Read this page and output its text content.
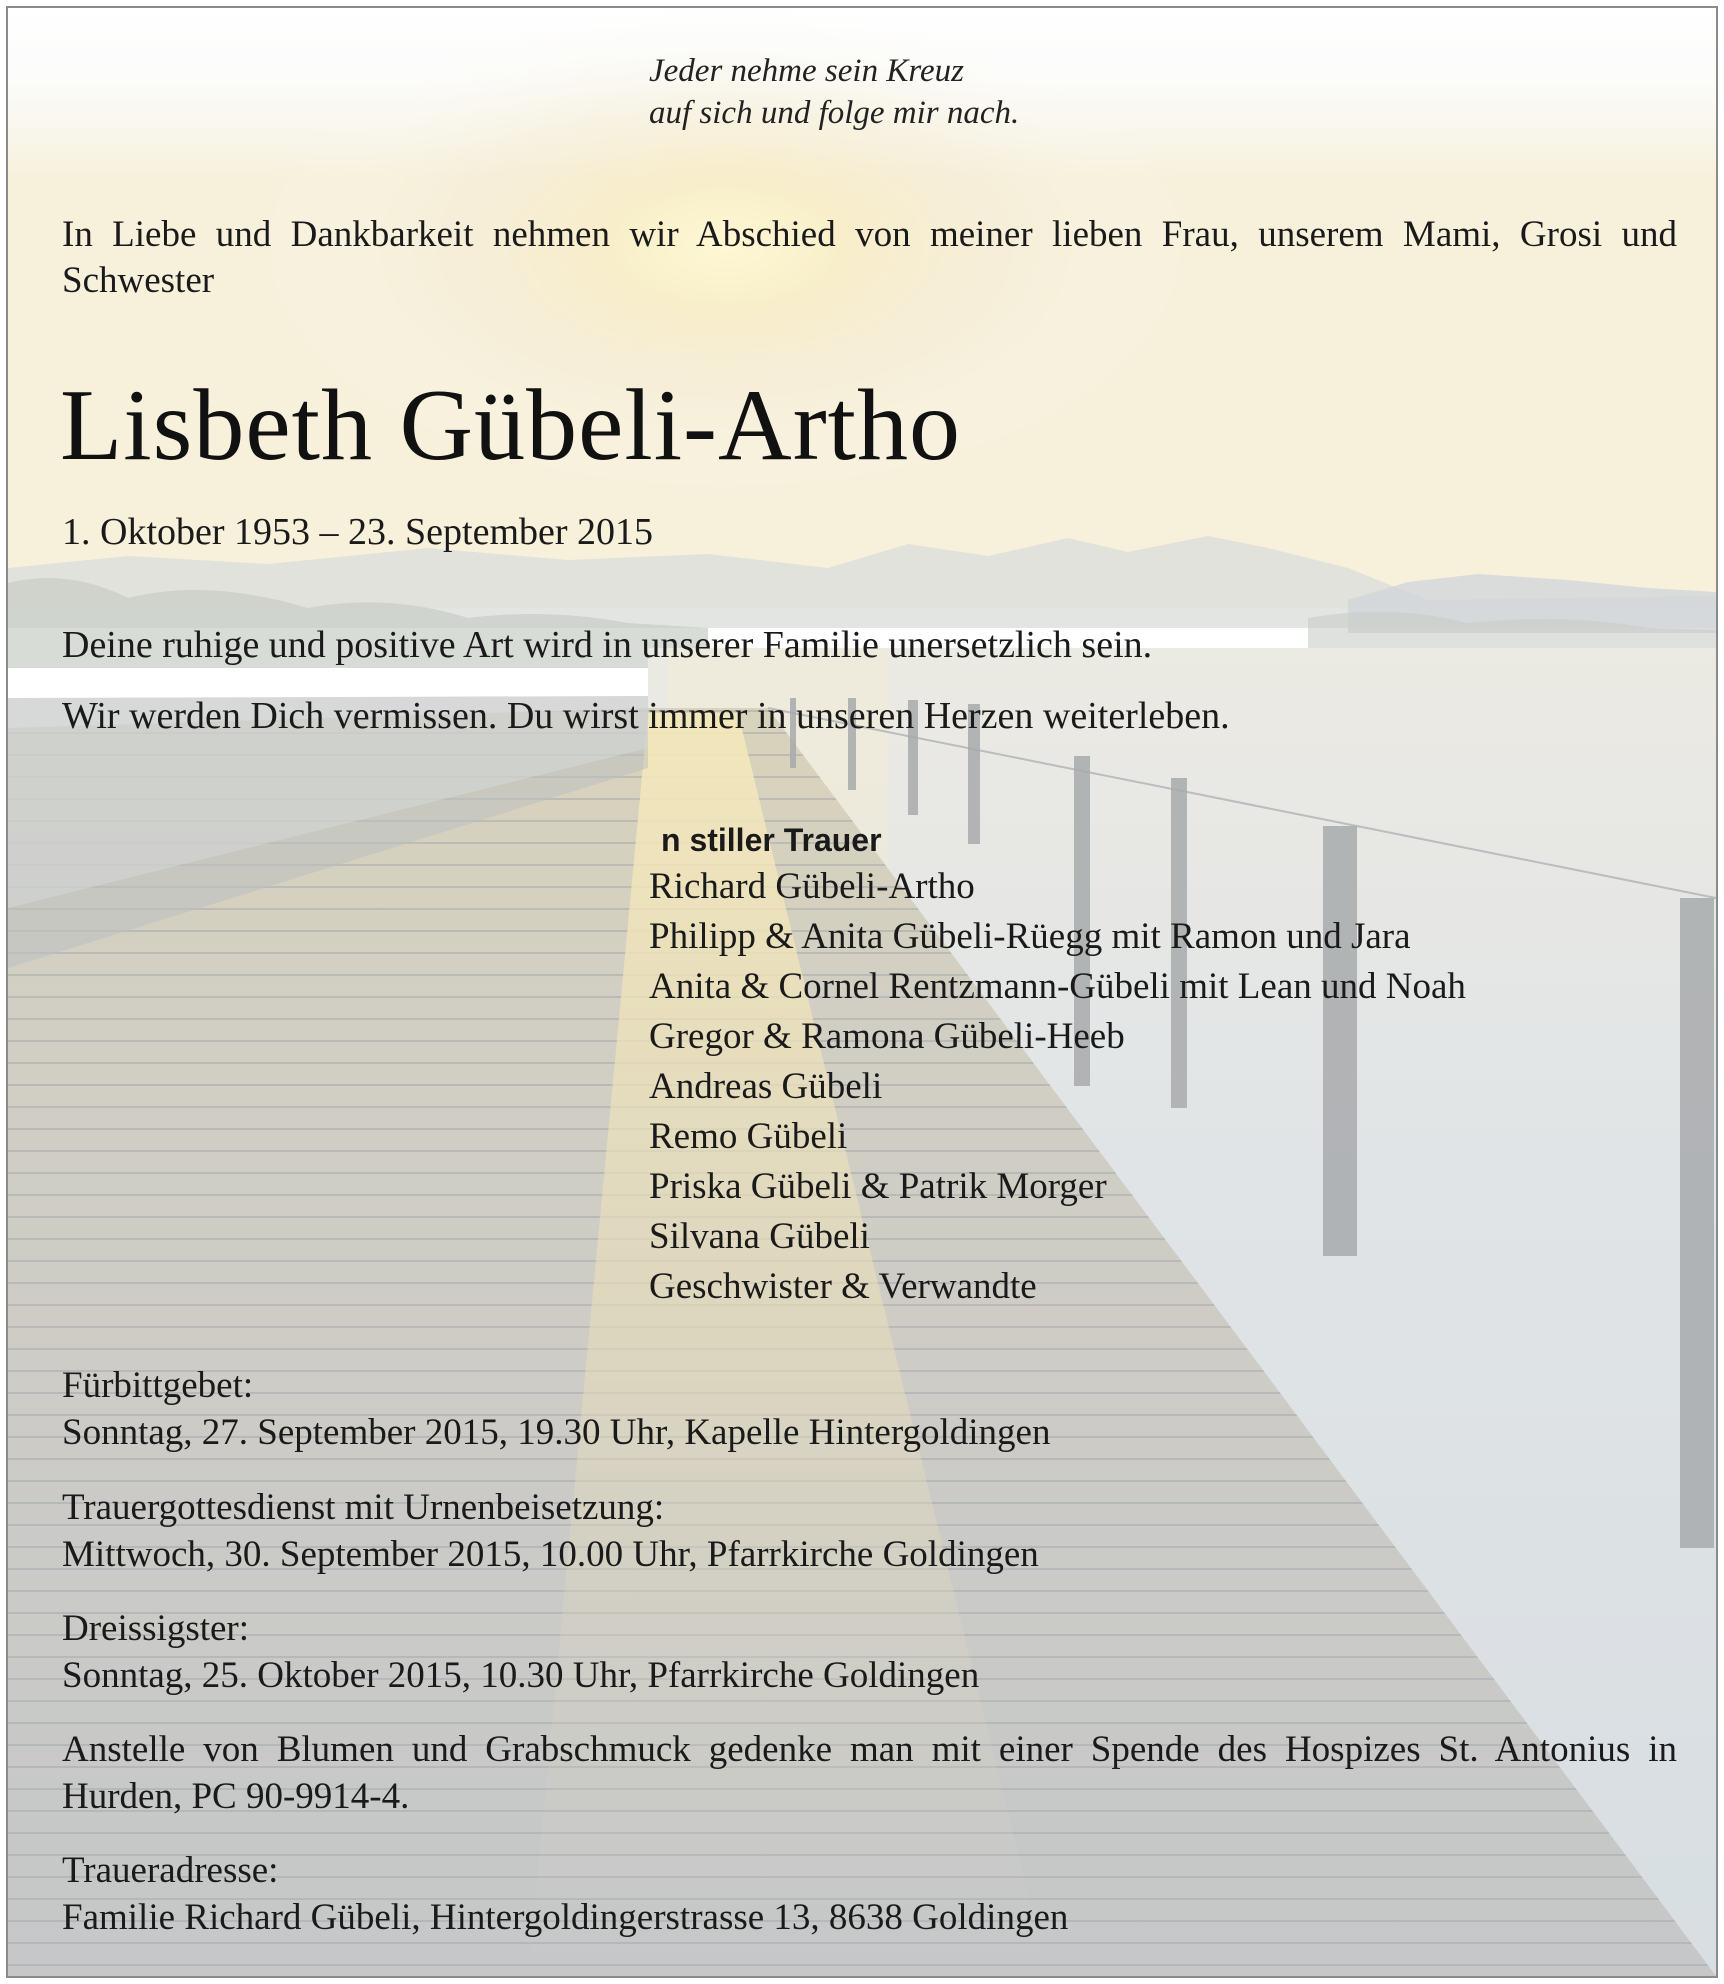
Jeder nehme sein Kreuz
auf sich und folge mir nach.
In Liebe und Dankbarkeit nehmen wir Abschied von meiner lieben Frau, unserem Mami, Grosi und Schwester
Lisbeth Gübeli-Artho
1. Oktober 1953 – 23. September 2015
Deine ruhige und positive Art wird in unserer Familie unersetzlich sein.
Wir werden Dich vermissen. Du wirst immer in unseren Herzen weiterleben.
n stiller Trauer
Richard Gübeli-Artho
Philipp & Anita Gübeli-Rüegg mit Ramon und Jara
Anita & Cornel Rentzmann-Gübeli mit Lean und Noah
Gregor & Ramona Gübeli-Heeb
Andreas Gübeli
Remo Gübeli
Priska Gübeli & Patrik Morger
Silvana Gübeli
Geschwister & Verwandte
Fürbittgebet:
Sonntag, 27. September 2015, 19.30 Uhr, Kapelle Hintergoldingen
Trauergottesdienst mit Urnenbeisetzung:
Mittwoch, 30. September 2015, 10.00 Uhr, Pfarrkirche Goldingen
Dreissigster:
Sonntag, 25. Oktober 2015, 10.30 Uhr, Pfarrkirche Goldingen
Anstelle von Blumen und Grabschmuck gedenke man mit einer Spende des Hospizes St. Antonius in Hurden, PC 90-9914-4.
Traueradresse:
Familie Richard Gübeli, Hintergoldingerstrasse 13, 8638 Goldingen
